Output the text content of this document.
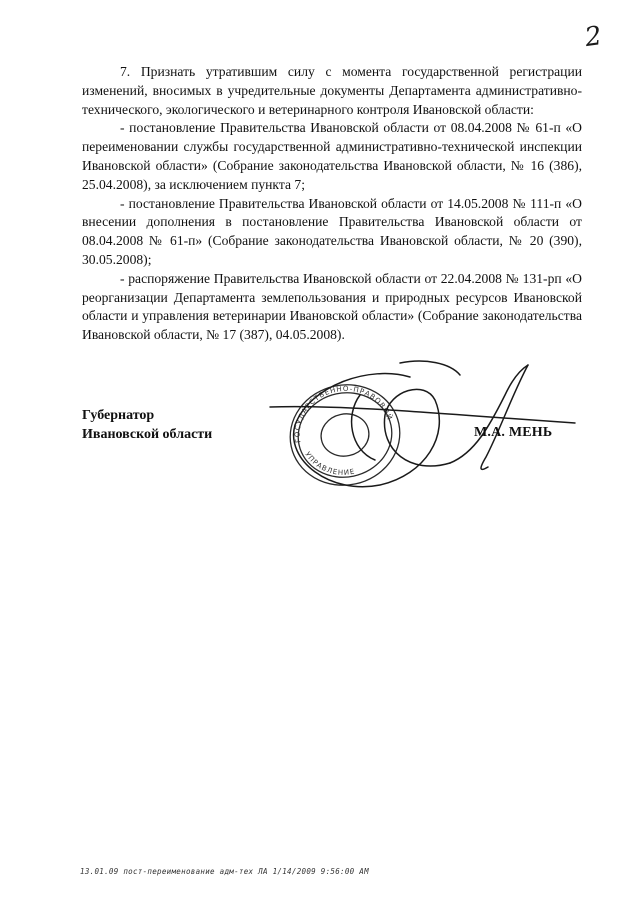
2

7. Признать утратившим силу с момента государственной регистрации изменений, вносимых в учредительные документы Департамента административно-технического, экологического и ветеринарного контроля Ивановской области:

- постановление Правительства Ивановской области от 08.04.2008 № 61-п «О переименовании службы государственной административно-технической инспекции Ивановской области» (Собрание законодательства Ивановской области, № 16 (386), 25.04.2008), за исключением пункта 7;

- постановление Правительства Ивановской области от 14.05.2008 № 111-п «О внесении дополнения в постановление Правительства Ивановской области от 08.04.2008 № 61-п» (Собрание законодательства Ивановской области, № 20 (390), 30.05.2008);

- распоряжение Правительства Ивановской области от 22.04.2008 № 131-рп «О реорганизации Департамента землепользования и природных ресурсов Ивановской области и управления ветеринарии Ивановской области» (Собрание законодательства Ивановской области, № 17 (387), 04.05.2008).

Губернатор
Ивановской области	ГОСУДАРСТВЕННО-ПРАВОВОЙ
УПРАВЛЕНИЕ
М.А. МЕНЬ
13.01.09 пост-переименование адм-тех ЛА 1/14/2009 9:56:00 AM
